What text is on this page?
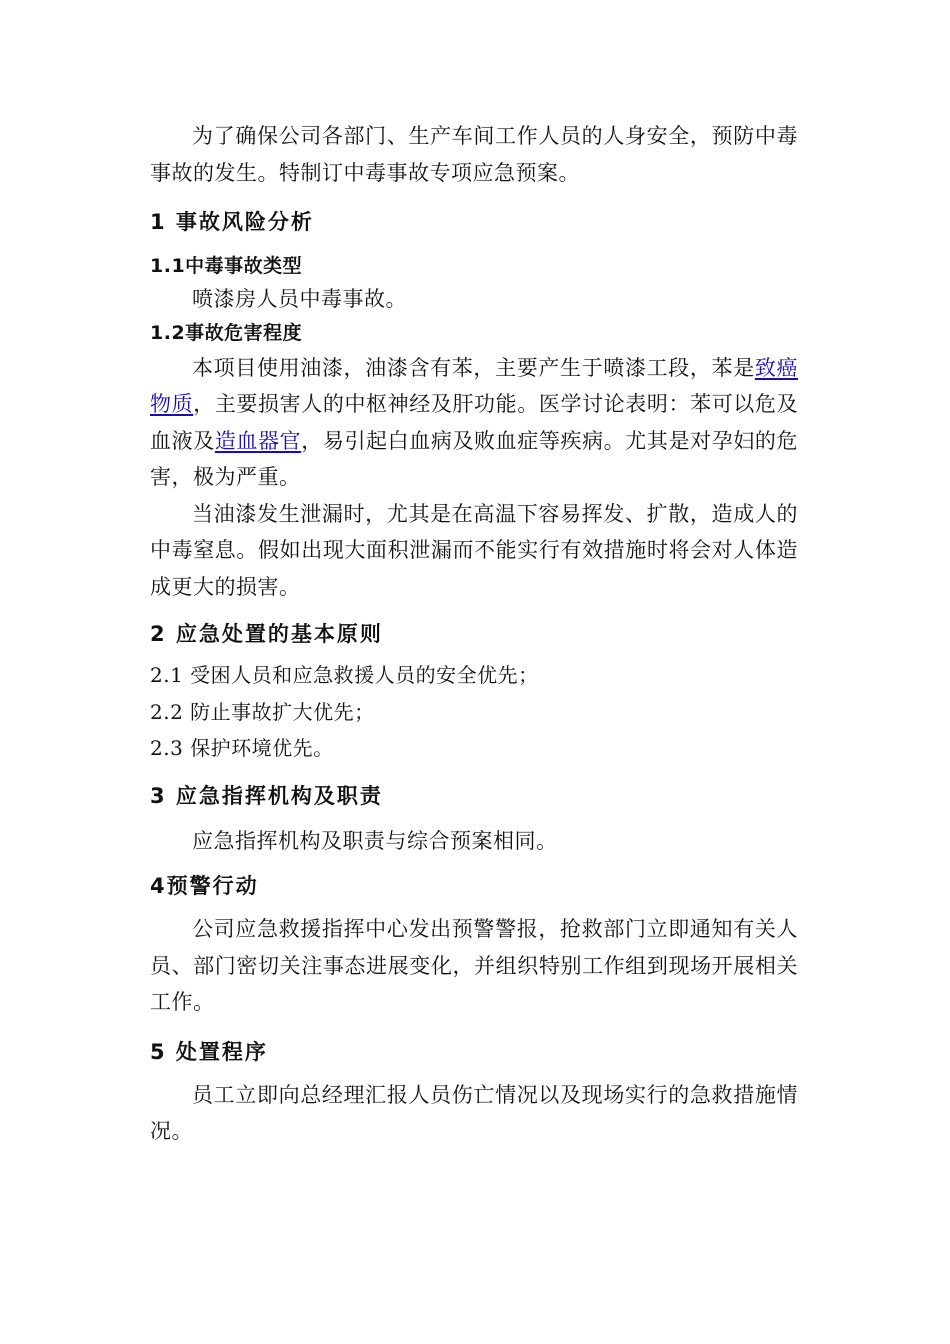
为了确保公司各部门、生产车间工作人员的人身安全，预防中毒事故的发生。特制订中毒事故专项应急预案。

1 事故风险分析
1.1中毒事故类型

喷漆房人员中毒事故。

1.2事故危害程度

本项目使用油漆，油漆含有苯，主要产生于喷漆工段，苯是致癌物质，主要损害人的中枢神经及肝功能。医学讨论表明：苯可以危及血液及造血器官，易引起白血病及败血症等疾病。尤其是对孕妇的危害，极为严重。

当油漆发生泄漏时，尤其是在高温下容易挥发、扩散，造成人的中毒窒息。假如出现大面积泄漏而不能实行有效措施时将会对人体造成更大的损害。

2 应急处置的基本原则

2.1 受困人员和应急救援人员的安全优先；

2.2 防止事故扩大优先；

2.3 保护环境优先。

3 应急指挥机构及职责

应急指挥机构及职责与综合预案相同。

4预警行动

公司应急救援指挥中心发出预警警报，抢救部门立即通知有关人员、部门密切关注事态进展变化，并组织特别工作组到现场开展相关工作。

5 处置程序

员工立即向总经理汇报人员伤亡情况以及现场实行的急救措施情况。
